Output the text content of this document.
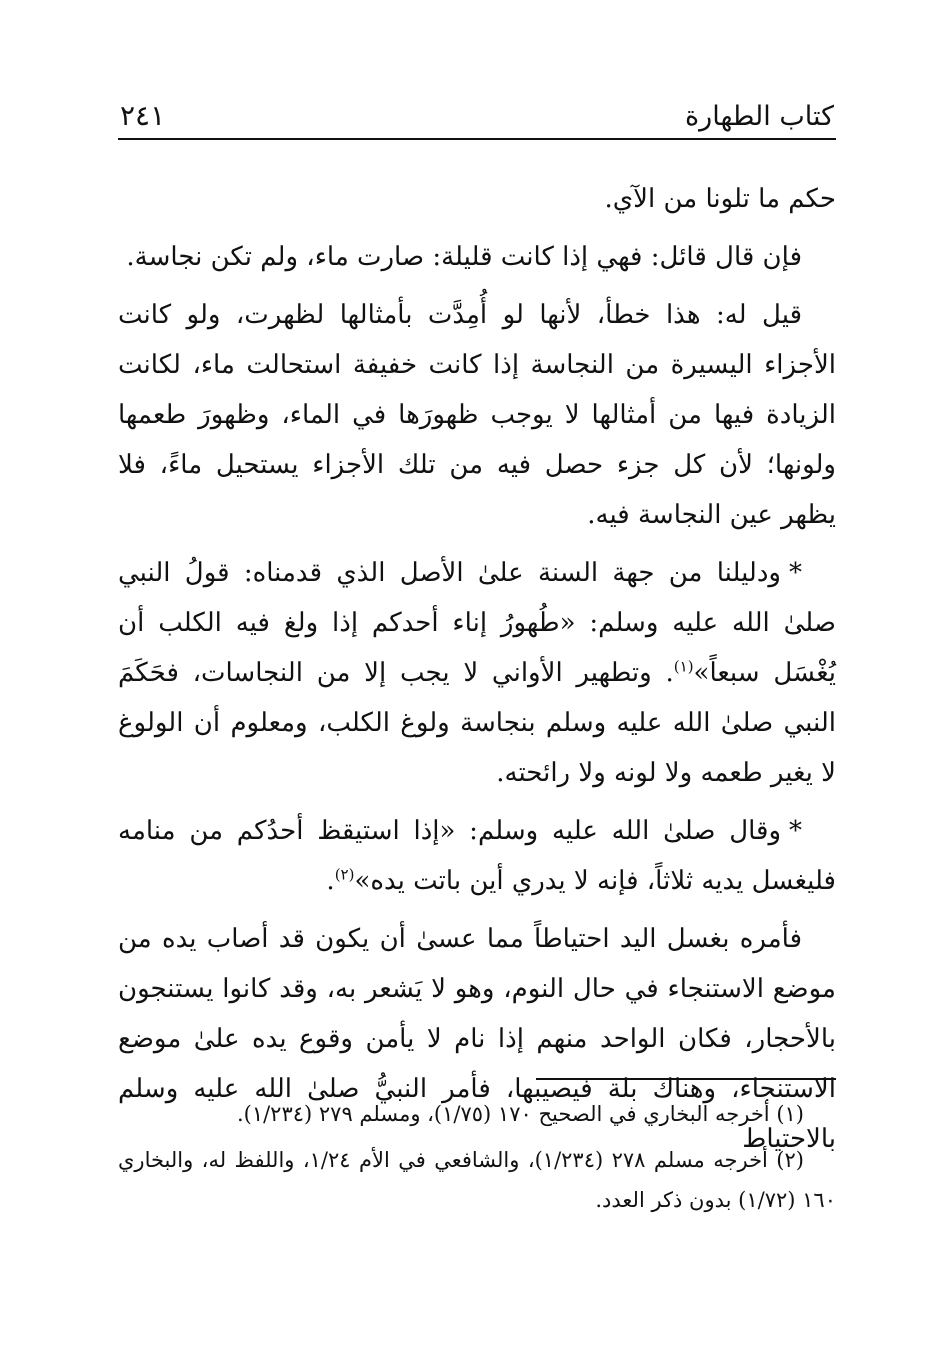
كتاب الطهارة
٢٤١

حكم ما تلونا من الآي.

فإن قال قائل: فهي إذا كانت قليلة: صارت ماء، ولم تكن نجاسة.

قيل له: هذا خطأ، لأنها لو أُمِدَّت بأمثالها لظهرت، ولو كانت الأجزاء اليسيرة من النجاسة إذا كانت خفيفة استحالت ماء، لكانت الزيادة فيها من أمثالها لا يوجب ظهورَها في الماء، وظهورَ طعمها ولونها؛ لأن كل جزء حصل فيه من تلك الأجزاء يستحيل ماءً، فلا يظهر عين النجاسة فيه.

*ودليلنا من جهة السنة علىٰ الأصل الذي قدمناه: قولُ النبي صلىٰ الله عليه وسلم: «طُهورُ إناء أحدكم إذا ولغ فيه الكلب أن يُغْسَل سبعاً»$^{(١)}$. وتطهير الأواني لا يجب إلا من النجاسات، فحَكَمَ النبي صلىٰ الله عليه وسلم بنجاسة ولوغ الكلب، ومعلوم أن الولوغ لا يغير طعمه ولا لونه ولا رائحته.

*وقال صلىٰ الله عليه وسلم: «إذا استيقظ أحدُكم من منامه فليغسل يديه ثلاثاً، فإنه لا يدري أين باتت يده»$^{(٢)}$.

فأمره بغسل اليد احتياطاً مما عسىٰ أن يكون قد أصاب يده من موضع الاستنجاء في حال النوم، وهو لا يَشعر به، وقد كانوا يستنجون بالأحجار، فكان الواحد منهم إذا نام لا يأمن وقوع يده علىٰ موضع الاستنجاء، وهناك بلة فيصيبها، فأمر النبيُّ صلىٰ الله عليه وسلم بالاحتياط

(١) أخرجه البخاري في الصحيح ١٧٠ (١/٧٥)، ومسلم ٢٧٩ (١/٢٣٤).

(٢) أخرجه مسلم ٢٧٨ (١/٢٣٤)، والشافعي في الأم ١/٢٤، واللفظ له، والبخاري ١٦٠ (١/٧٢) بدون ذكر العدد.
